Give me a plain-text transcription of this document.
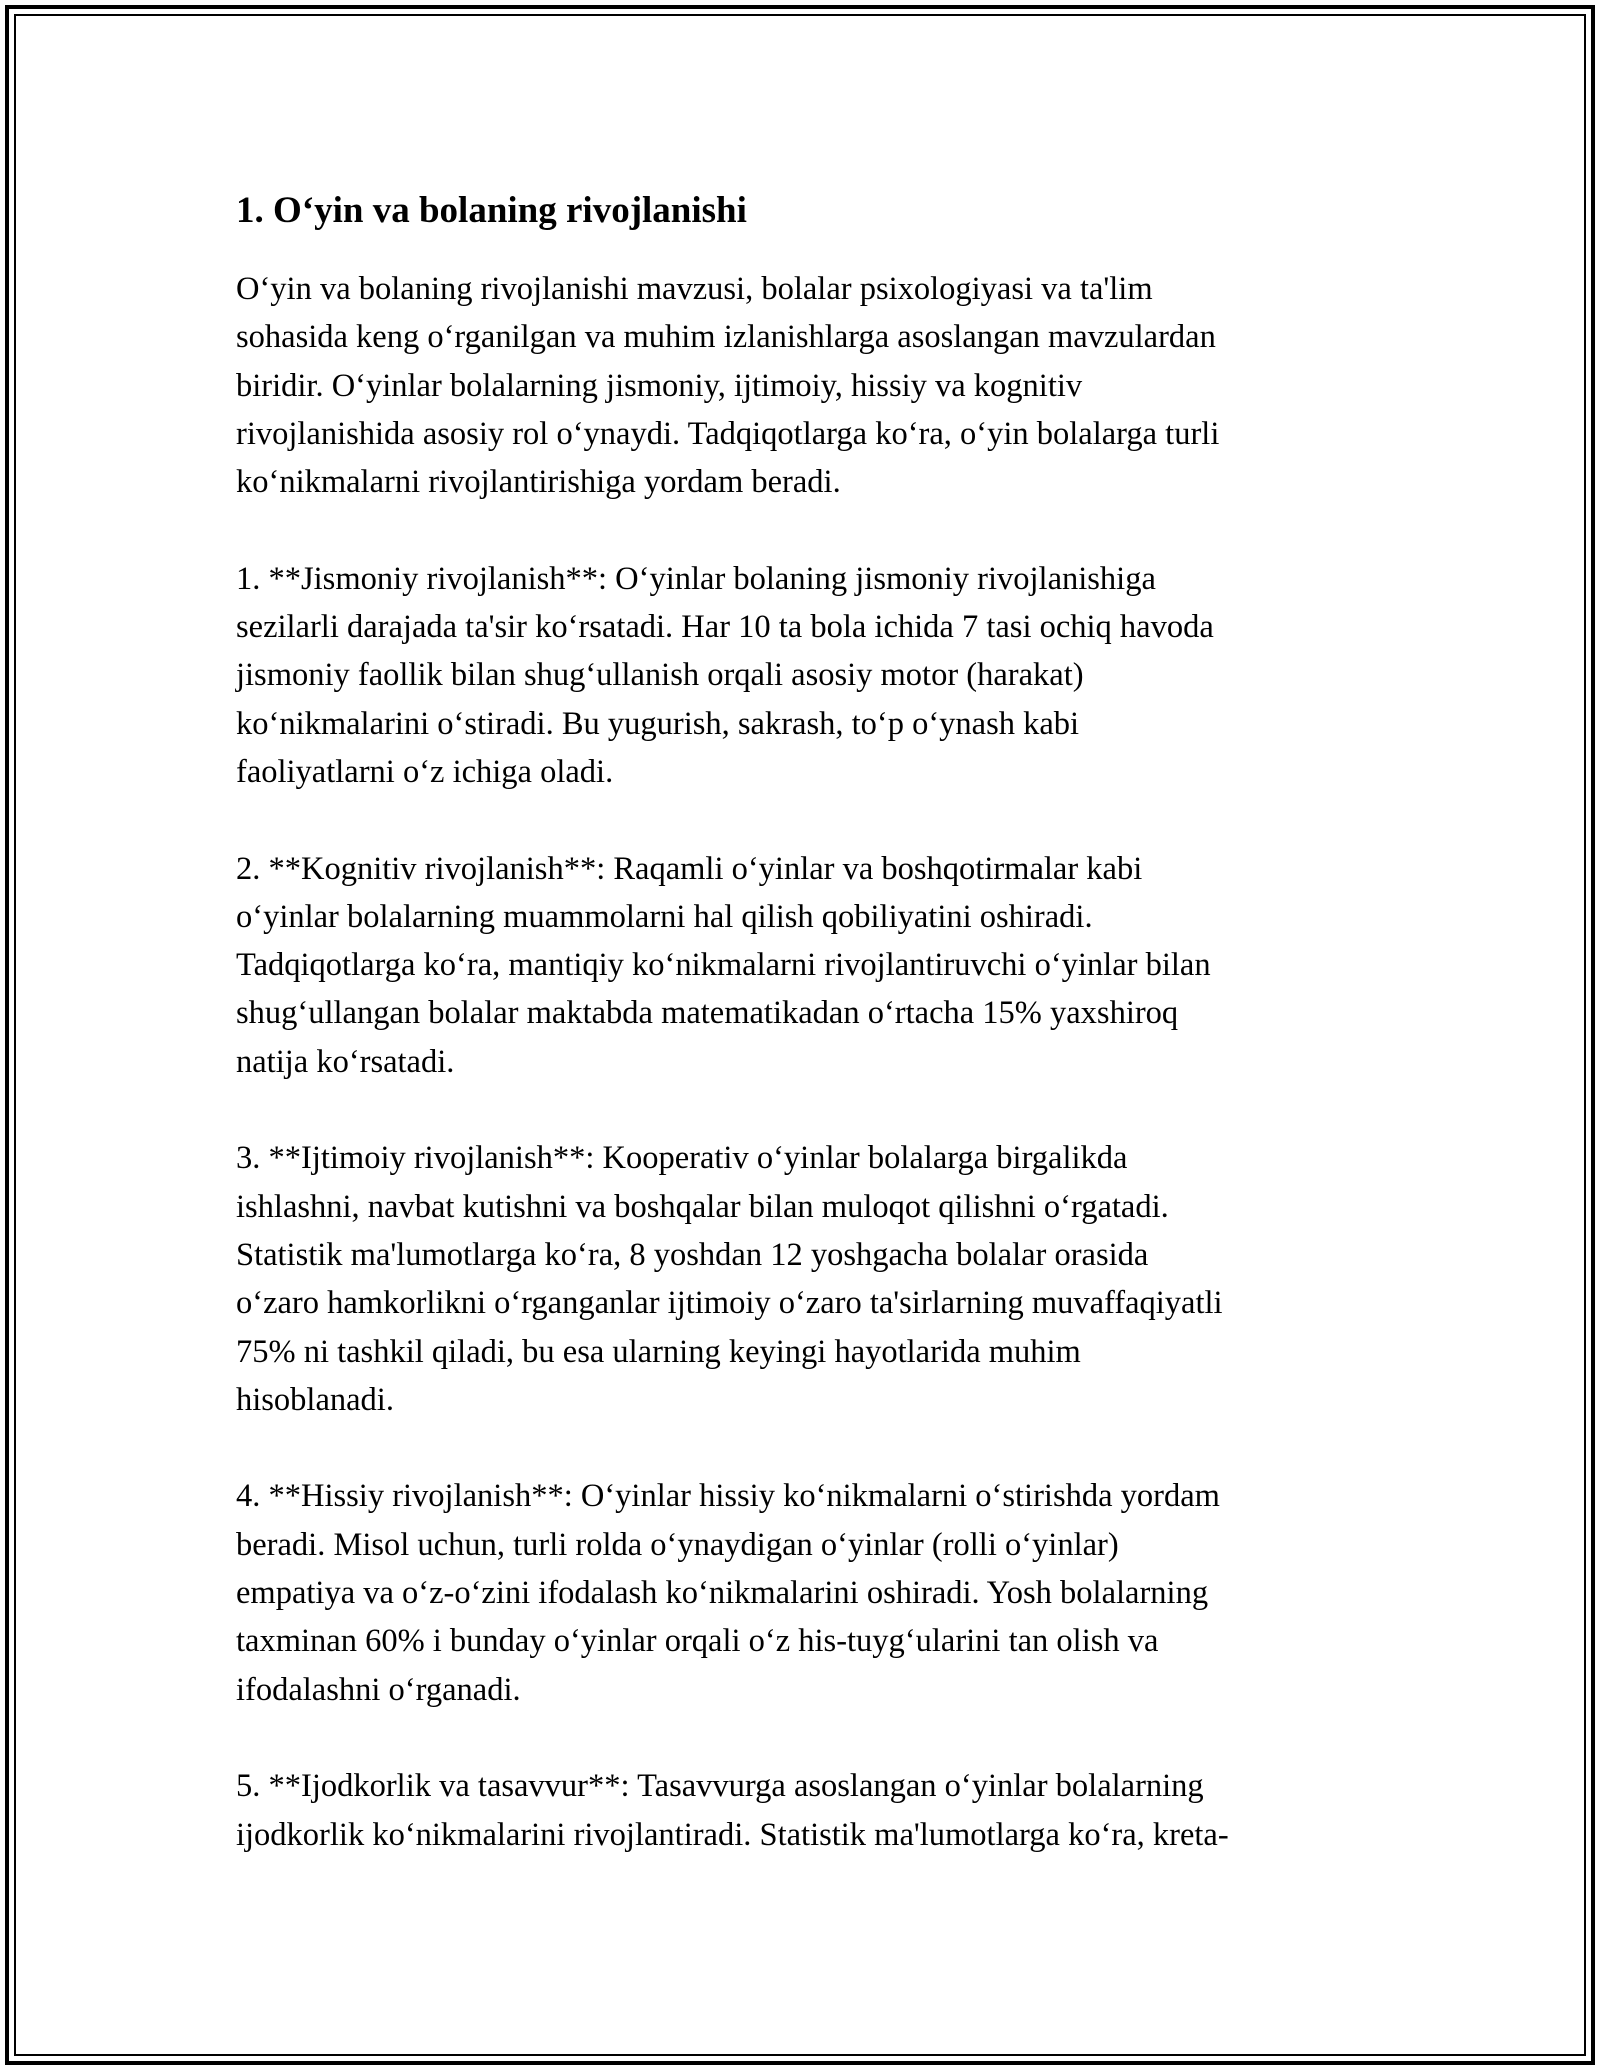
1. O‘yin va bolaning rivojlanishi

O‘yin va bolaning rivojlanishi mavzusi, bolalar psixologiyasi va ta'lim
sohasida keng o‘rganilgan va muhim izlanishlarga asoslangan mavzulardan
biridir. O‘yinlar bolalarning jismoniy, ijtimoiy, hissiy va kognitiv
rivojlanishida asosiy rol o‘ynaydi. Tadqiqotlarga ko‘ra, o‘yin bolalarga turli
ko‘nikmalarni rivojlantirishiga yordam beradi.

1. **Jismoniy rivojlanish**: O‘yinlar bolaning jismoniy rivojlanishiga
sezilarli darajada ta'sir ko‘rsatadi. Har 10 ta bola ichida 7 tasi ochiq havoda
jismoniy faollik bilan shug‘ullanish orqali asosiy motor (harakat)
ko‘nikmalarini o‘stiradi. Bu yugurish, sakrash, to‘p o‘ynash kabi
faoliyatlarni o‘z ichiga oladi.

2. **Kognitiv rivojlanish**: Raqamli o‘yinlar va boshqotirmalar kabi
o‘yinlar bolalarning muammolarni hal qilish qobiliyatini oshiradi.
Tadqiqotlarga ko‘ra, mantiqiy ko‘nikmalarni rivojlantiruvchi o‘yinlar bilan
shug‘ullangan bolalar maktabda matematikadan o‘rtacha 15% yaxshiroq
natija ko‘rsatadi.

3. **Ijtimoiy rivojlanish**: Kooperativ o‘yinlar bolalarga birgalikda
ishlashni, navbat kutishni va boshqalar bilan muloqot qilishni o‘rgatadi.
Statistik ma'lumotlarga ko‘ra, 8 yoshdan 12 yoshgacha bolalar orasida
o‘zaro hamkorlikni o‘rganganlar ijtimoiy o‘zaro ta'sirlarning muvaffaqiyatli
75% ni tashkil qiladi, bu esa ularning keyingi hayotlarida muhim
hisoblanadi.

4. **Hissiy rivojlanish**: O‘yinlar hissiy ko‘nikmalarni o‘stirishda yordam
beradi. Misol uchun, turli rolda o‘ynaydigan o‘yinlar (rolli o‘yinlar)
empatiya va o‘z-o‘zini ifodalash ko‘nikmalarini oshiradi. Yosh bolalarning
taxminan 60% i bunday o‘yinlar orqali o‘z his-tuyg‘ularini tan olish va
ifodalashni o‘rganadi.

5. **Ijodkorlik va tasavvur**: Tasavvurga asoslangan o‘yinlar bolalarning
ijodkorlik ko‘nikmalarini rivojlantiradi. Statistik ma'lumotlarga ko‘ra, kreta-
